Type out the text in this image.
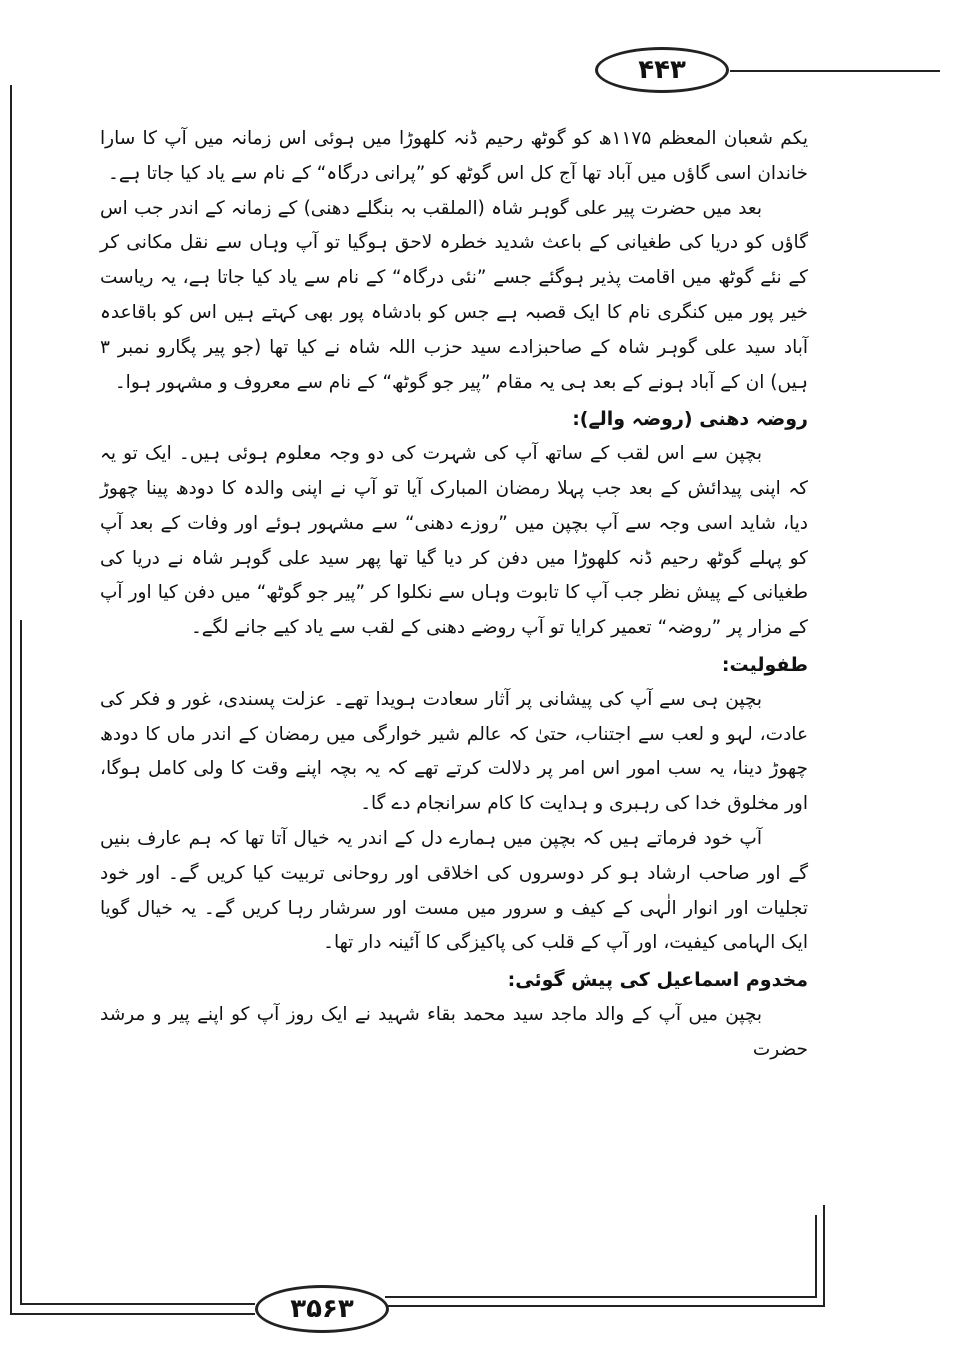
۴۴۳
۳۵۶۳

یکم شعبان المعظم ۱۱۷۵ھ کو گوٹھ رحیم ڈنہ کلھوڑا میں ہوئی اس زمانہ میں آپ کا سارا خاندان اسی گاؤں میں آباد تھا آج کل اس گوٹھ کو ”پرانی درگاہ“ کے نام سے یاد کیا جاتا ہے۔

بعد میں حضرت پیر علی گوہر شاہ (الملقب بہ بنگلے دھنی) کے زمانہ کے اندر جب اس گاؤں کو دریا کی طغیانی کے باعث شدید خطرہ لاحق ہوگیا تو آپ وہاں سے نقل مکانی کر کے نئے گوٹھ میں اقامت پذیر ہوگئے جسے ”نئی درگاہ“ کے نام سے یاد کیا جاتا ہے، یہ ریاست خیر پور میں کنگری نام کا ایک قصبہ ہے جس کو بادشاہ پور بھی کہتے ہیں اس کو باقاعدہ آباد سید علی گوہر شاہ کے صاحبزادے سید حزب اللہ شاہ نے کیا تھا (جو پیر پگارو نمبر ۳ ہیں) ان کے آباد ہونے کے بعد ہی یہ مقام ”پیر جو گوٹھ“ کے نام سے معروف و مشہور ہوا۔

روضہ دھنی (روضہ والے):

بچپن سے اس لقب کے ساتھ آپ کی شہرت کی دو وجہ معلوم ہوئی ہیں۔ ایک تو یہ کہ اپنی پیدائش کے بعد جب پہلا رمضان المبارک آیا تو آپ نے اپنی والدہ کا دودھ پینا چھوڑ دیا، شاید اسی وجہ سے آپ بچپن میں ”روزے دھنی“ سے مشہور ہوئے اور وفات کے بعد آپ کو پہلے گوٹھ رحیم ڈنہ کلھوڑا میں دفن کر دیا گیا تھا پھر سید علی گوہر شاہ نے دریا کی طغیانی کے پیش نظر جب آپ کا تابوت وہاں سے نکلوا کر ”پیر جو گوٹھ“ میں دفن کیا اور آپ کے مزار پر ”روضہ“ تعمیر کرایا تو آپ روضے دھنی کے لقب سے یاد کیے جانے لگے۔

طفولیت:

بچپن ہی سے آپ کی پیشانی پر آثار سعادت ہویدا تھے۔ عزلت پسندی، غور و فکر کی عادت، لہو و لعب سے اجتناب، حتیٰ کہ عالم شیر خوارگی میں رمضان کے اندر ماں کا دودھ چھوڑ دینا، یہ سب امور اس امر پر دلالت کرتے تھے کہ یہ بچہ اپنے وقت کا ولی کامل ہوگا، اور مخلوق خدا کی رہبری و ہدایت کا کام سرانجام دے گا۔

آپ خود فرماتے ہیں کہ بچپن میں ہمارے دل کے اندر یہ خیال آتا تھا کہ ہم عارف بنیں گے اور صاحب ارشاد ہو کر دوسروں کی اخلاقی اور روحانی تربیت کیا کریں گے۔ اور خود تجلیات اور انوار الٰہی کے کیف و سرور میں مست اور سرشار رہا کریں گے۔ یہ خیال گویا ایک الہامی کیفیت، اور آپ کے قلب کی پاکیزگی کا آئینہ دار تھا۔

مخدوم اسماعیل کی پیش گوئی:

بچپن میں آپ کے والد ماجد سید محمد بقاء شہید نے ایک روز آپ کو اپنے پیر و مرشد حضرت
